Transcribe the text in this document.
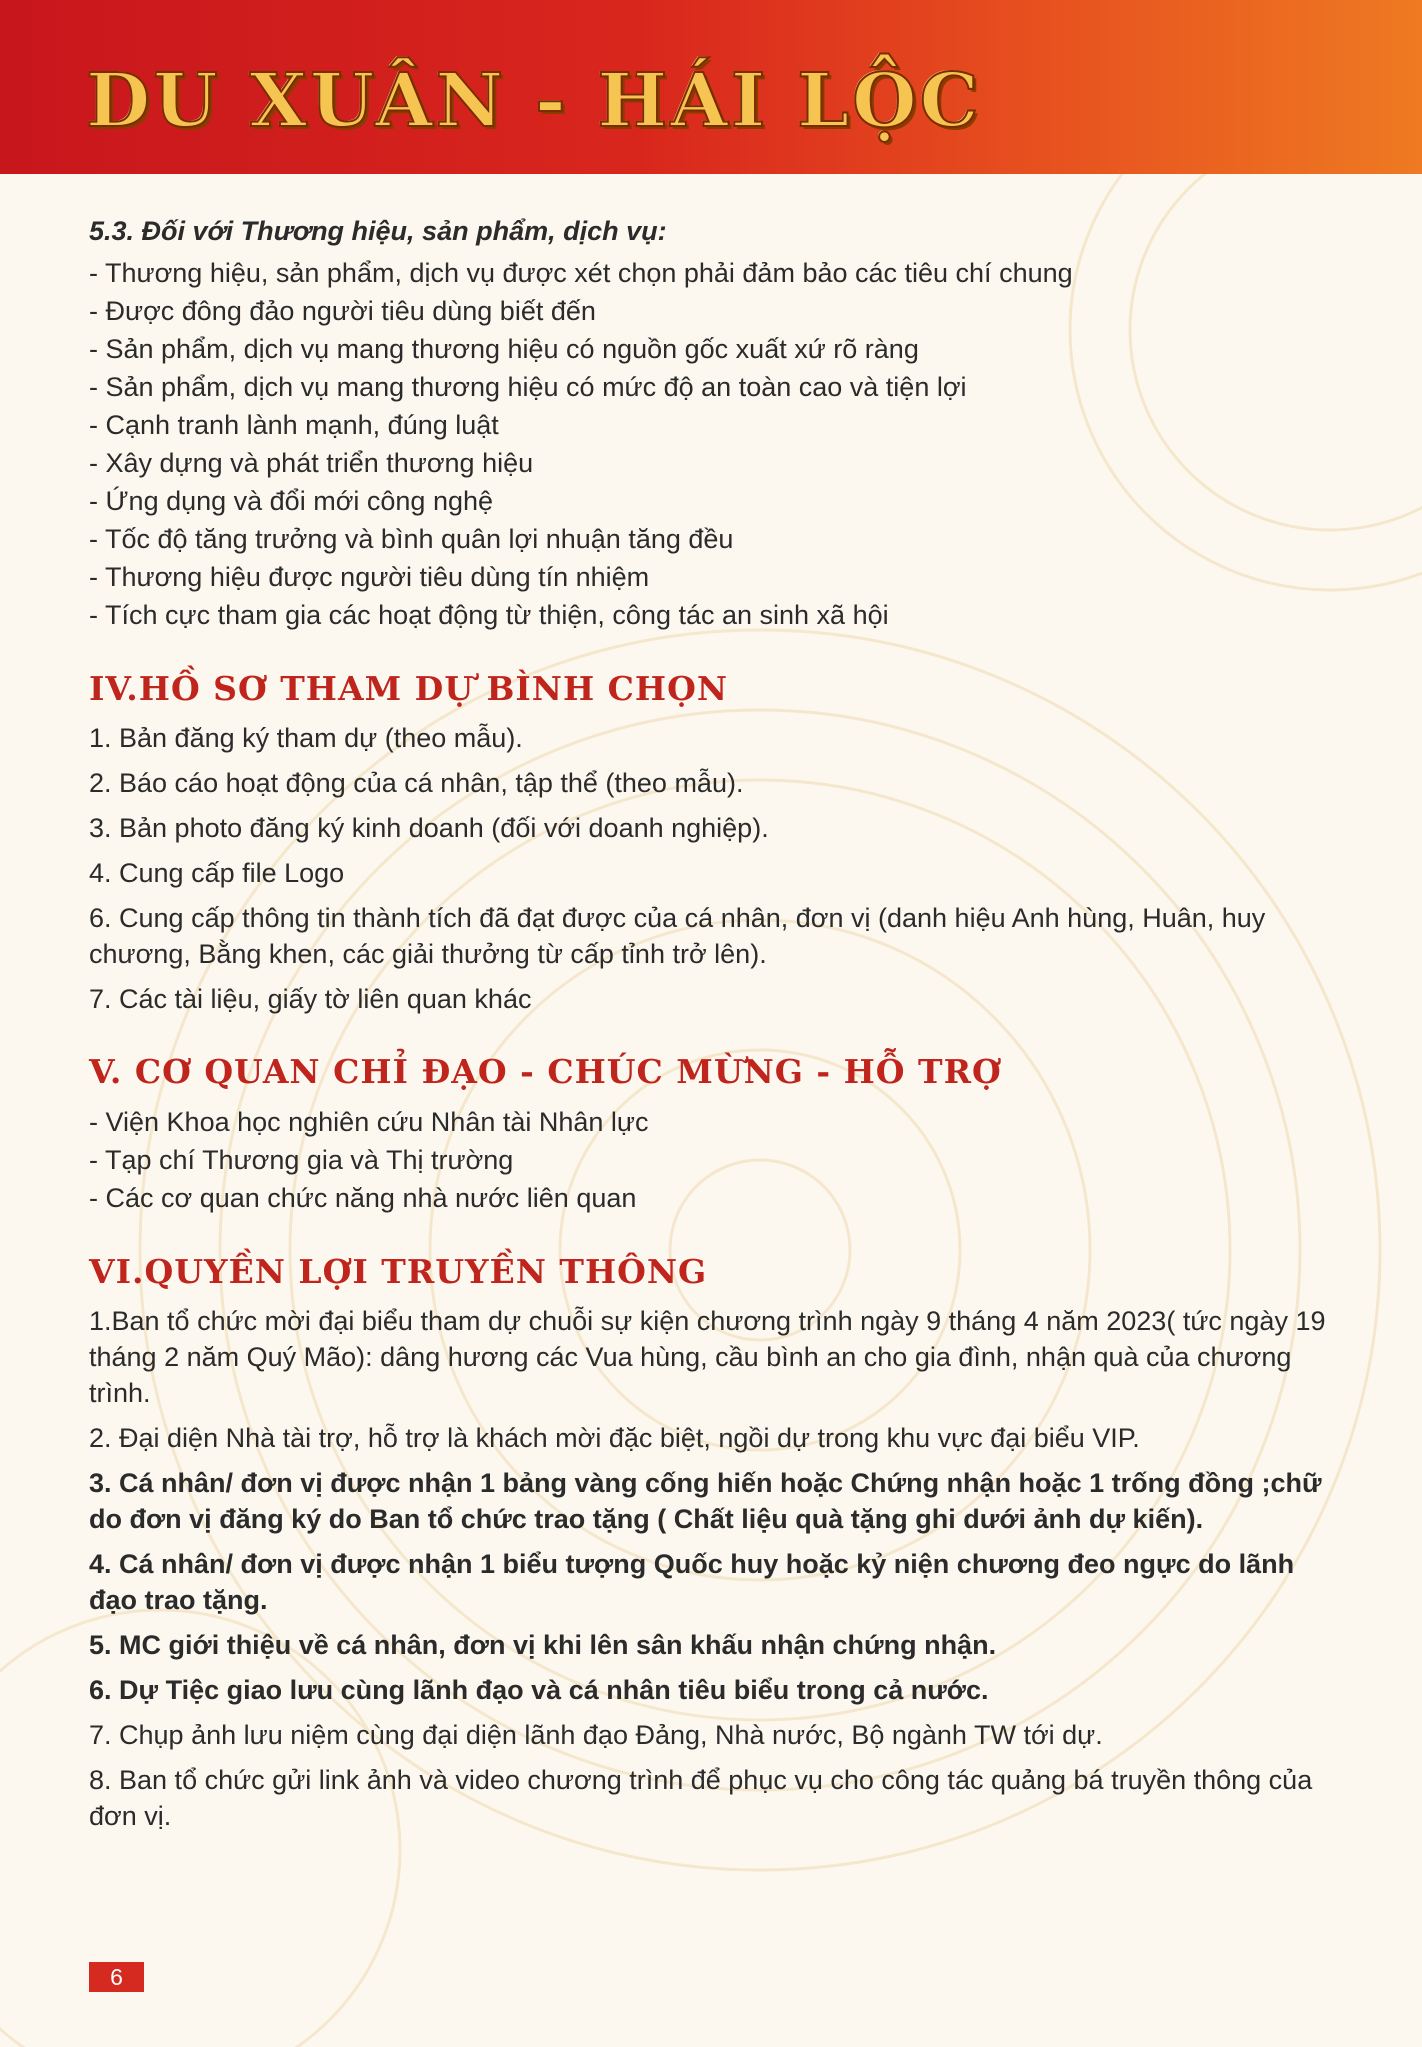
DU XUÂN - HÁI LỘC
5.3. Đối với Thương hiệu, sản phẩm, dịch vụ:
- Thương hiệu, sản phẩm, dịch vụ được xét chọn phải đảm bảo các tiêu chí chung
- Được đông đảo người tiêu dùng biết đến
- Sản phẩm, dịch vụ mang thương hiệu có nguồn gốc xuất xứ rõ ràng
- Sản phẩm, dịch vụ mang thương hiệu có mức độ an toàn cao và tiện lợi
- Cạnh tranh lành mạnh, đúng luật
- Xây dựng và phát triển thương hiệu
- Ứng dụng và đổi mới công nghệ
- Tốc độ tăng trưởng và bình quân lợi nhuận tăng đều
- Thương hiệu được người tiêu dùng tín nhiệm
- Tích cực tham gia các hoạt động từ thiện, công tác an sinh xã hội
IV.HỒ SƠ THAM DỰ BÌNH CHỌN
1. Bản đăng ký tham dự (theo mẫu).
2. Báo cáo hoạt động của cá nhân, tập thể (theo mẫu).
3. Bản photo đăng ký kinh doanh (đối với doanh nghiệp).
4. Cung cấp file Logo
6. Cung cấp thông tin thành tích đã đạt được của cá nhân, đơn vị (danh hiệu Anh hùng, Huân, huy chương, Bằng khen, các giải thưởng từ cấp tỉnh trở lên).
7. Các tài liệu, giấy tờ liên quan khác
V. CƠ QUAN CHỈ ĐẠO - CHÚC MỪNG - HỖ TRỢ
- Viện Khoa học nghiên cứu Nhân tài Nhân lực
- Tạp chí Thương gia và Thị trường
- Các cơ quan chức năng nhà nước liên quan
VI.QUYỀN LỢI TRUYỀN THÔNG
1.Ban tổ chức mời đại biểu tham dự chuỗi sự kiện chương trình ngày 9 tháng 4 năm 2023( tức ngày 19 tháng 2 năm Quý Mão): dâng hương các Vua hùng, cầu bình an cho gia đình, nhận quà của chương trình.
2. Đại diện Nhà tài trợ, hỗ trợ là khách mời đặc biệt, ngồi dự trong khu vực đại biểu VIP.
3. Cá nhân/ đơn vị được nhận 1 bảng vàng cống hiến hoặc Chứng nhận hoặc 1 trống đồng ;chữ do đơn vị đăng ký do Ban tổ chức trao tặng ( Chất liệu quà tặng ghi dưới ảnh dự kiến).
4. Cá nhân/ đơn vị được nhận 1 biểu tượng Quốc huy hoặc kỷ niện chương đeo ngực do lãnh đạo trao tặng.
5. MC giới thiệu về cá nhân, đơn vị khi lên sân khấu nhận chứng nhận.
6. Dự Tiệc giao lưu cùng lãnh đạo và cá nhân tiêu biểu trong cả nước.
7. Chụp ảnh lưu niệm cùng đại diện lãnh đạo Đảng, Nhà nước, Bộ ngành TW tới dự.
8. Ban tổ chức gửi link ảnh và video chương trình để phục vụ cho công tác quảng bá truyền thông của đơn vị.
6
